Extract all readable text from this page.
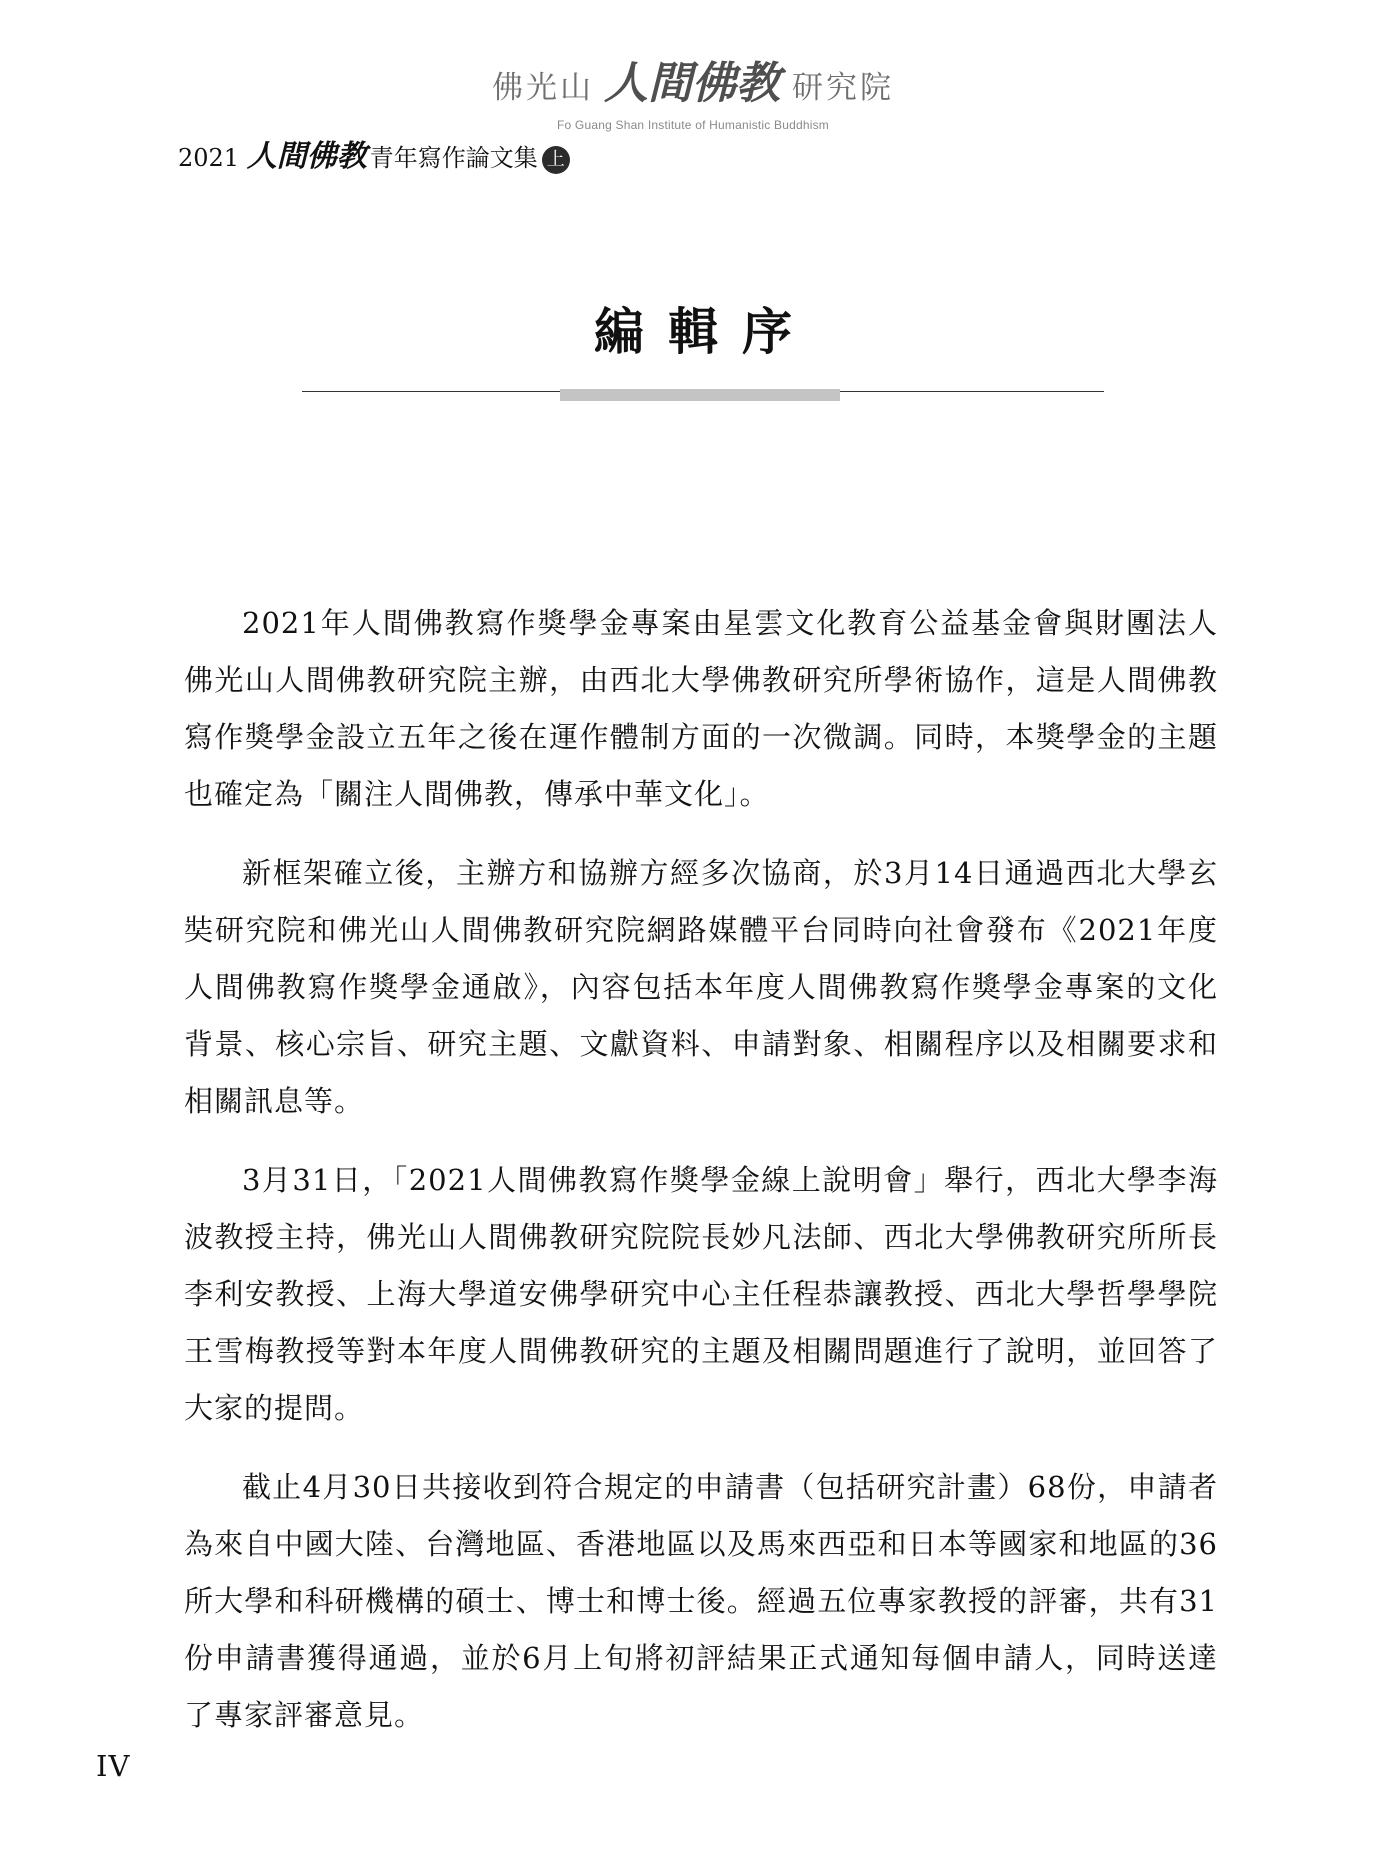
佛光山 人間佛教 研究院
Fo Guang Shan Institute of Humanistic Buddhism
2021 人間佛教 青年寫作論文集 上
編輯序

2021年人間佛教寫作獎學金專案由星雲文化教育公益基金會與財團法人佛光山人間佛教研究院主辦，由西北大學佛教研究所學術協作，這是人間佛教寫作獎學金設立五年之後在運作體制方面的一次微調。同時，本獎學金的主題也確定為「關注人間佛教，傳承中華文化」。

新框架確立後，主辦方和協辦方經多次協商，於3月14日通過西北大學玄奘研究院和佛光山人間佛教研究院網路媒體平台同時向社會發布《2021年度人間佛教寫作獎學金通啟》，內容包括本年度人間佛教寫作獎學金專案的文化背景、核心宗旨、研究主題、文獻資料、申請對象、相關程序以及相關要求和相關訊息等。

3月31日，「2021人間佛教寫作獎學金線上說明會」舉行，西北大學李海波教授主持，佛光山人間佛教研究院院長妙凡法師、西北大學佛教研究所所長李利安教授、上海大學道安佛學研究中心主任程恭讓教授、西北大學哲學學院王雪梅教授等對本年度人間佛教研究的主題及相關問題進行了說明，並回答了大家的提問。

截止4月30日共接收到符合規定的申請書（包括研究計畫）68份，申請者為來自中國大陸、台灣地區、香港地區以及馬來西亞和日本等國家和地區的36所大學和科研機構的碩士、博士和博士後。經過五位專家教授的評審，共有31份申請書獲得通過，並於6月上旬將初評結果正式通知每個申請人，同時送達了專家評審意見。

IV
